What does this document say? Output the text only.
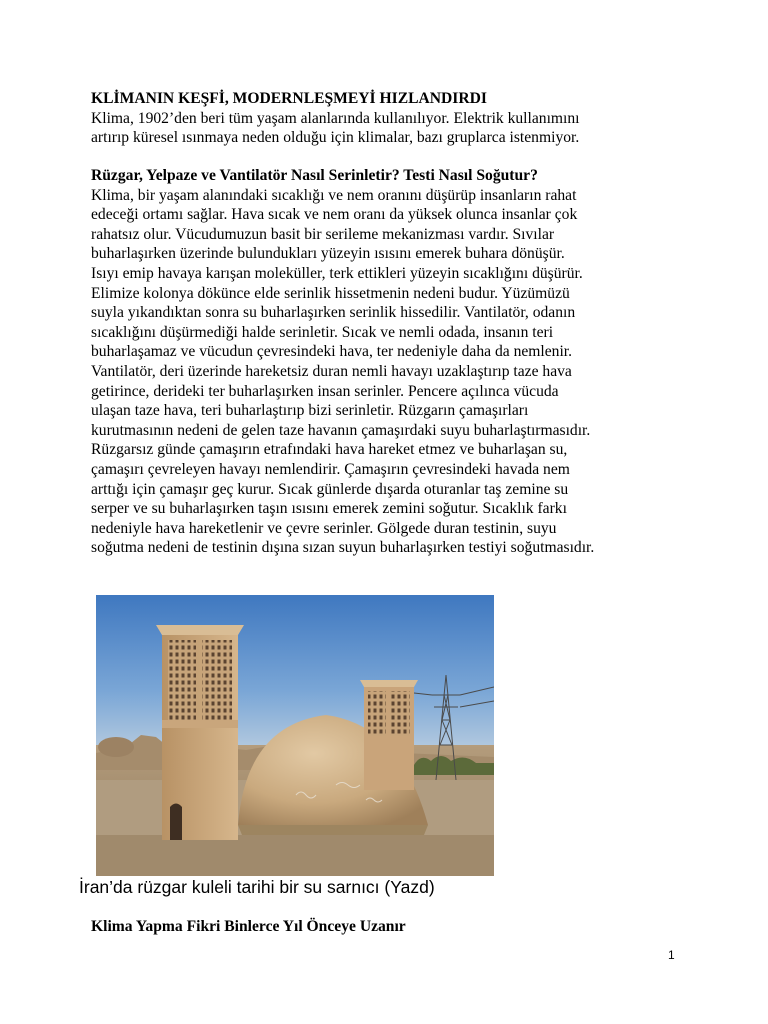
KLİMANIN KEŞFİ, MODERNLEŞMEYİ HIZLANDIRDI
Klima, 1902’den beri tüm yaşam alanlarında kullanılıyor. Elektrik kullanımını
artırıp küresel ısınmaya neden olduğu için klimalar, bazı gruplarca istenmiyor.
Rüzgar, Yelpaze ve Vantilatör Nasıl Serinletir? Testi Nasıl Soğutur?
Klima, bir yaşam alanındaki sıcaklığı ve nem oranını düşürüp insanların rahat
edeceği ortamı sağlar. Hava sıcak ve nem oranı da yüksek olunca insanlar çok
rahatsız olur. Vücudumuzun basit bir serileme mekanizması vardır. Sıvılar
buharlaşırken üzerinde bulundukları yüzeyin ısısını emerek buhara dönüşür.
Isıyı emip havaya karışan moleküller, terk ettikleri yüzeyin sıcaklığını düşürür.
Elimize kolonya dökünce elde serinlik hissetmenin nedeni budur. Yüzümüzü
suyla yıkandıktan sonra su buharlaşırken serinlik hissedilir. Vantilatör, odanın
sıcaklığını düşürmediği halde serinletir. Sıcak ve nemli odada, insanın teri
buharlaşamaz ve vücudun çevresindeki hava, ter nedeniyle daha da nemlenir.
Vantilatör, deri üzerinde hareketsiz duran nemli havayı uzaklaştırıp taze hava
getirince, derideki ter buharlaşırken insan serinler. Pencere açılınca vücuda
ulaşan taze hava, teri buharlaştırıp bizi serinletir. Rüzgarın çamaşırları
kurutmasının nedeni de gelen taze havanın çamaşırdaki suyu buharlaştırmasıdır.
Rüzgarsız günde çamaşırın etrafındaki hava hareket etmez ve buharlaşan su,
çamaşırı çevreleyen havayı nemlendirir. Çamaşırın çevresindeki havada nem
arttığı için çamaşır geç kurur. Sıcak günlerde dışarda oturanlar taş zemine su
serper ve su buharlaşırken taşın ısısını emerek zemini soğutur. Sıcaklık farkı
nedeniyle hava hareketlenir ve çevre serinler. Gölgede duran testinin, suyu
soğutma nedeni de testinin dışına sızan suyun buharlaşırken testiyi soğutmasıdır.
İran’da rüzgar kuleli tarihi bir su sarnıcı (Yazd)
Klima Yapma Fikri Binlerce Yıl Önceye Uzanır
1
